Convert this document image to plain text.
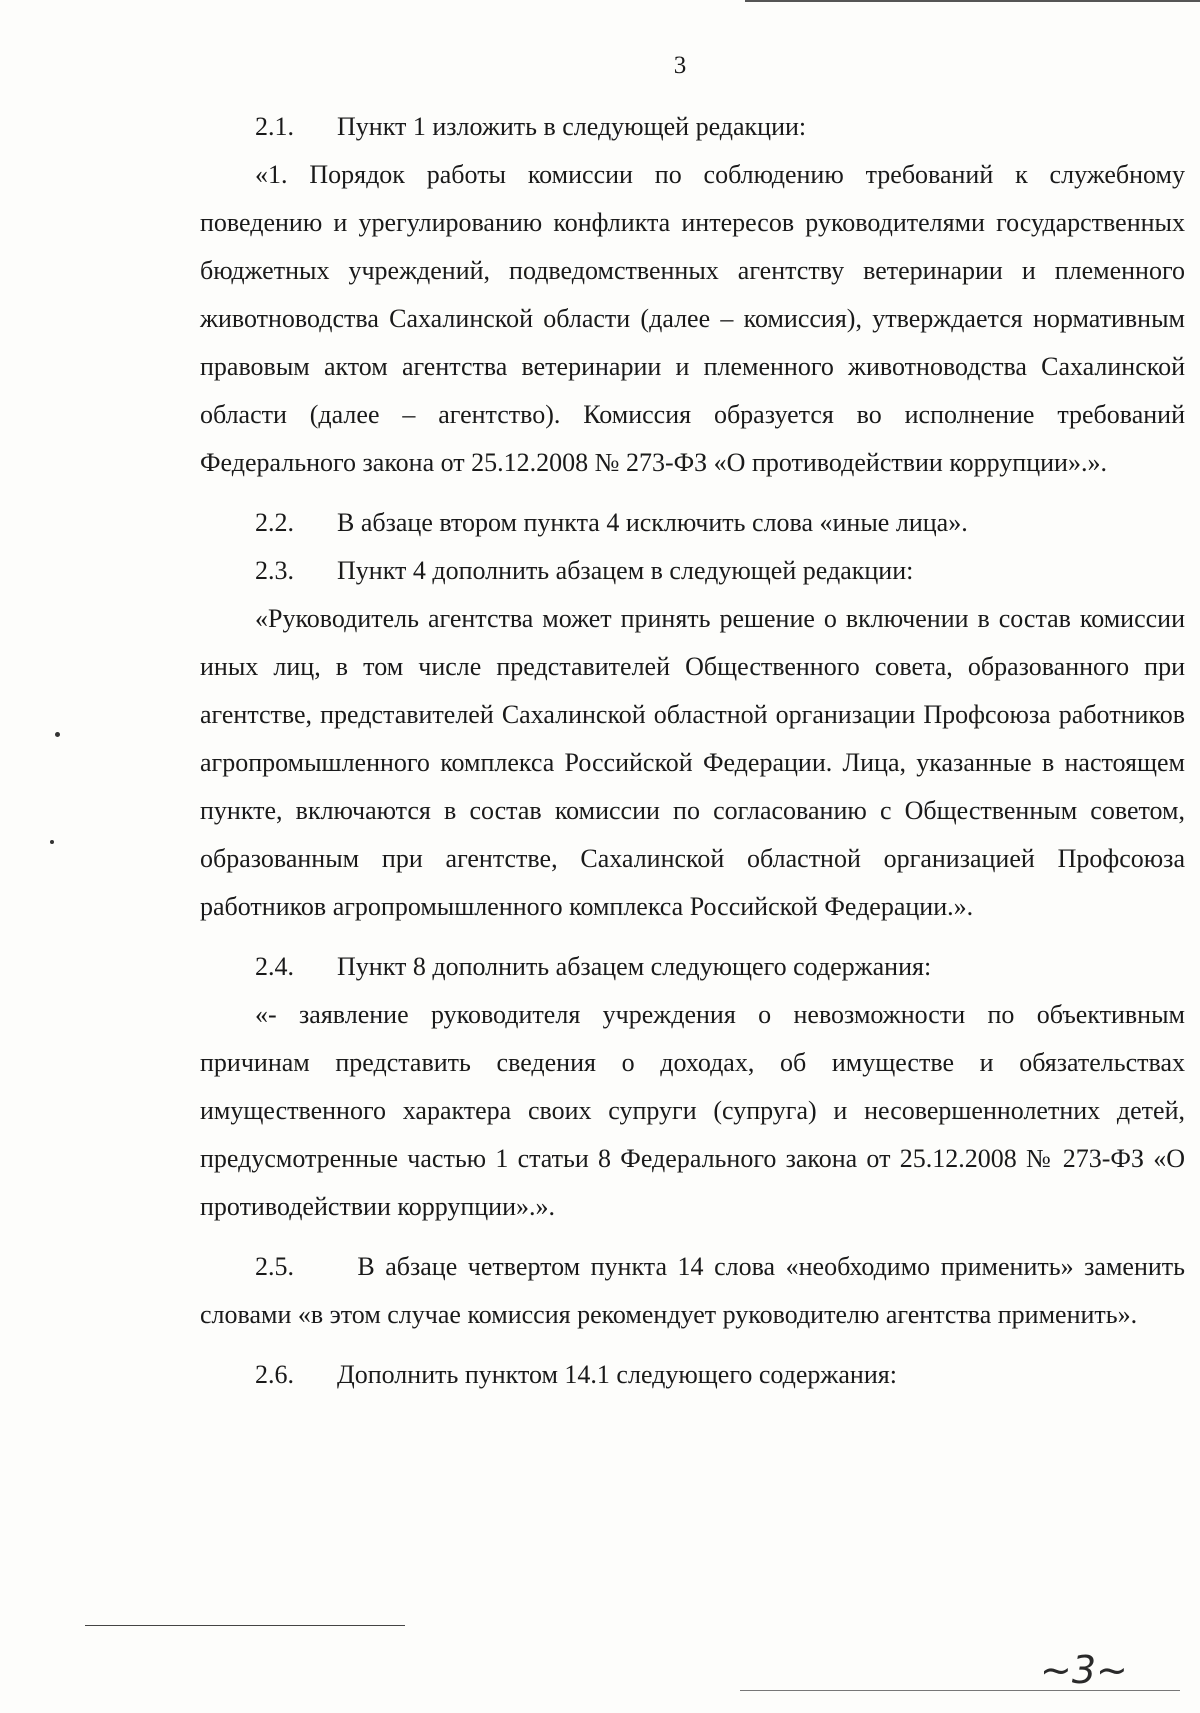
3

2.1. Пункт 1 изложить в следующей редакции:

«1. Порядок работы комиссии по соблюдению требований к служебному поведению и урегулированию конфликта интересов руководителями государственных бюджетных учреждений, подведомственных агентству ветеринарии и племенного животноводства Сахалинской области (далее – комиссия), утверждается нормативным правовым актом агентства ветеринарии и племенного животноводства Сахалинской области (далее – агентство). Комиссия образуется во исполнение требований Федерального закона от 25.12.2008 № 273-ФЗ «О противодействии коррупции».».

2.2. В абзаце втором пункта 4 исключить слова «иные лица».

2.3. Пункт 4 дополнить абзацем в следующей редакции:

«Руководитель агентства может принять решение о включении в состав комиссии иных лиц, в том числе представителей Общественного совета, образованного при агентстве, представителей Сахалинской областной организации Профсоюза работников агропромышленного комплекса Российской Федерации. Лица, указанные в настоящем пункте, включаются в состав комиссии по согласованию с Общественным советом, образованным при агентстве, Сахалинской областной организацией Профсоюза работников агропромышленного комплекса Российской Федерации.».

2.4. Пункт 8 дополнить абзацем следующего содержания:

«- заявление руководителя учреждения о невозможности по объективным причинам представить сведения о доходах, об имуществе и обязательствах имущественного характера своих супруги (супруга) и несовершеннолетних детей, предусмотренные частью 1 статьи 8 Федерального закона от 25.12.2008 № 273-ФЗ «О противодействии коррупции».».

2.5. В абзаце четвертом пункта 14 слова «необходимо применить» заменить словами «в этом случае комиссия рекомендует руководителю агентства применить».

2.6. Дополнить пунктом 14.1 следующего содержания:

~3~
